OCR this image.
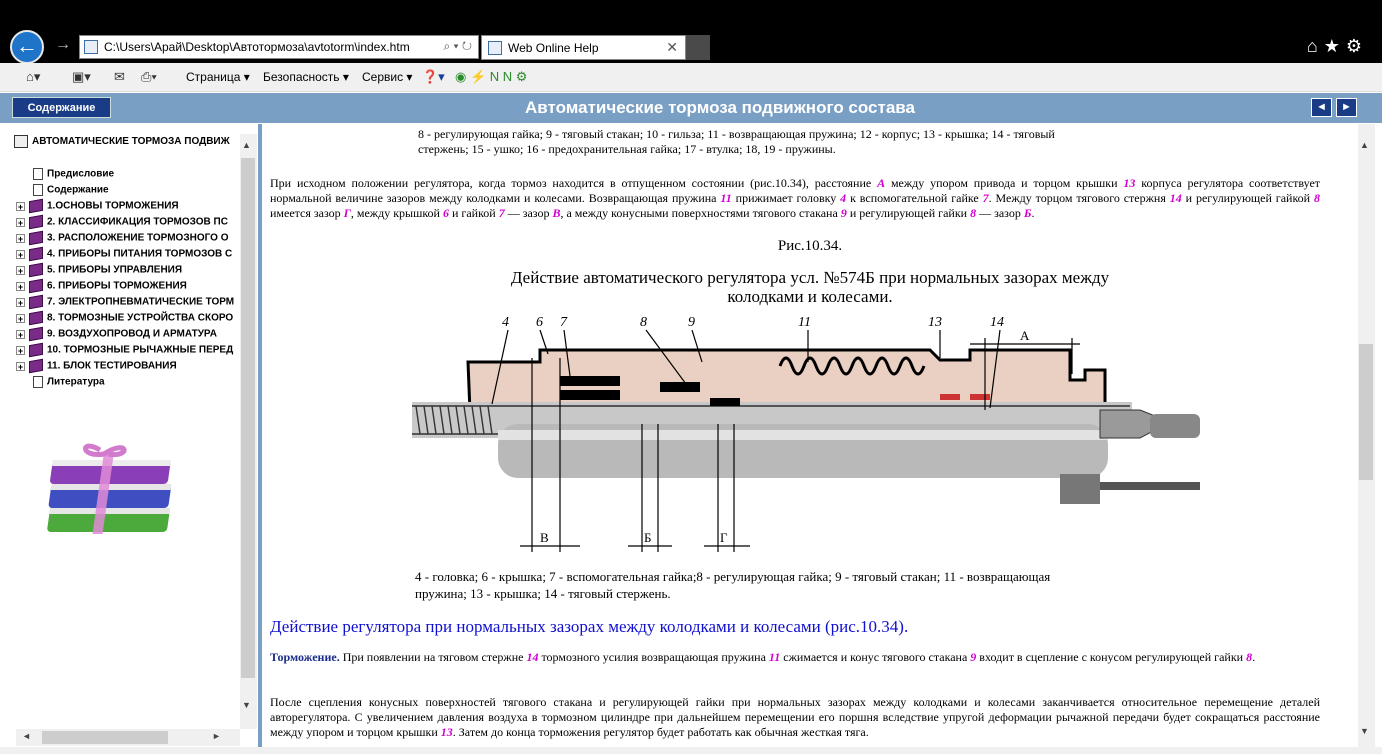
←	→	C:\Users\Арай\Desktop\Автотормоза\avtotorm\index.htm	⌕ ▾ ↻	Web Online Help	✕	⌂★⚙
⌂▾ ▣▾ ✉ ⎙▾ Страница ▾ Безопасность ▾ Сервис ▾ ❓▾ ◉ ⚡ N N ⚙
Содержание	Автоматические тормоза подвижного состава	◄	►
АВТОМАТИЧЕСКИЕ ТОРМОЗА ПОДВИЖ
Предисловие
Содержание
+ 1.ОСНОВЫ ТОРМОЖЕНИЯ
+ 2. КЛАССИФИКАЦИЯ ТОРМОЗОВ ПС
+ 3. РАСПОЛОЖЕНИЕ ТОРМОЗНОГО О
+ 4. ПРИБОРЫ ПИТАНИЯ ТОРМОЗОВ С
+ 5. ПРИБОРЫ УПРАВЛЕНИЯ
+ 6. ПРИБОРЫ ТОРМОЖЕНИЯ
+ 7. ЭЛЕКТРОПНЕВМАТИЧЕСКИЕ ТОРМ
+ 8. ТОРМОЗНЫЕ УСТРОЙСТВА СКОРО
+ 9. ВОЗДУХОПРОВОД И АРМАТУРА
+ 10. ТОРМОЗНЫЕ РЫЧАЖНЫЕ ПЕРЕД
+ 11. БЛОК ТЕСТИРОВАНИЯ
Литература
▲
▼
◄	►
8 - регулирующая гайка; 9 - тяговый стакан; 10 - гильза; 11 - возвращающая пружина; 12 - корпус; 13 - крышка; 14 - тяговый
стержень; 15 - ушко; 16 - предохранительная гайка; 17 - втулка; 18, 19 - пружины.

При исходном положении регулятора, когда тормоз находится в отпущенном состоянии (рис.10.34), расстояние А между упором привода и торцом крышки 13 корпуса регулятора соответствует нормальной величине зазоров между колодками и колесами. Возвращающая пружина 11 прижимает головку 4 к вспомогательной гайке 7. Между торцом тягового стержня 14 и регулирующей гайкой 8 имеется зазор Г, между крышкой 6 и гайкой 7 — зазор В, а между конусными поверхностями тягового стакана 9 и регулирующей гайки 8 — зазор Б.

Рис.10.34.
Действие автоматического регулятора усл. №574Б при нормальных зазорах между
колодками и колесами.
4 6 7	8	9	11	13	14
А
В	Б	Г
4 - головка; 6 - крышка; 7 - вспомогательная гайка;8 - регулирующая гайка; 9 - тяговый стакан; 11 - возвращающая
пружина; 13 - крышка; 14 - тяговый стержень.
Действие регулятора при нормальных зазорах между колодками и колесами (рис.10.34).

Торможение. При появлении на тяговом стержне 14 тормозного усилия возвращающая пружина 11 сжимается и конус тягового стакана 9 входит в сцепление с конусом регулирующей гайки 8.

После сцепления конусных поверхностей тягового стакана и регулирующей гайки при нормальных зазорах между колодками и колесами заканчивается относительное перемещение деталей авторегулятора. С увеличением давления воздуха в тормозном цилиндре при дальнейшем перемещении его поршня вследствие упругой деформации рычажной передачи будет сокращаться расстояние между упором и торцом крышки 13. Затем до конца торможения регулятор будет работать как обычная жесткая тяга.

▲
▼
